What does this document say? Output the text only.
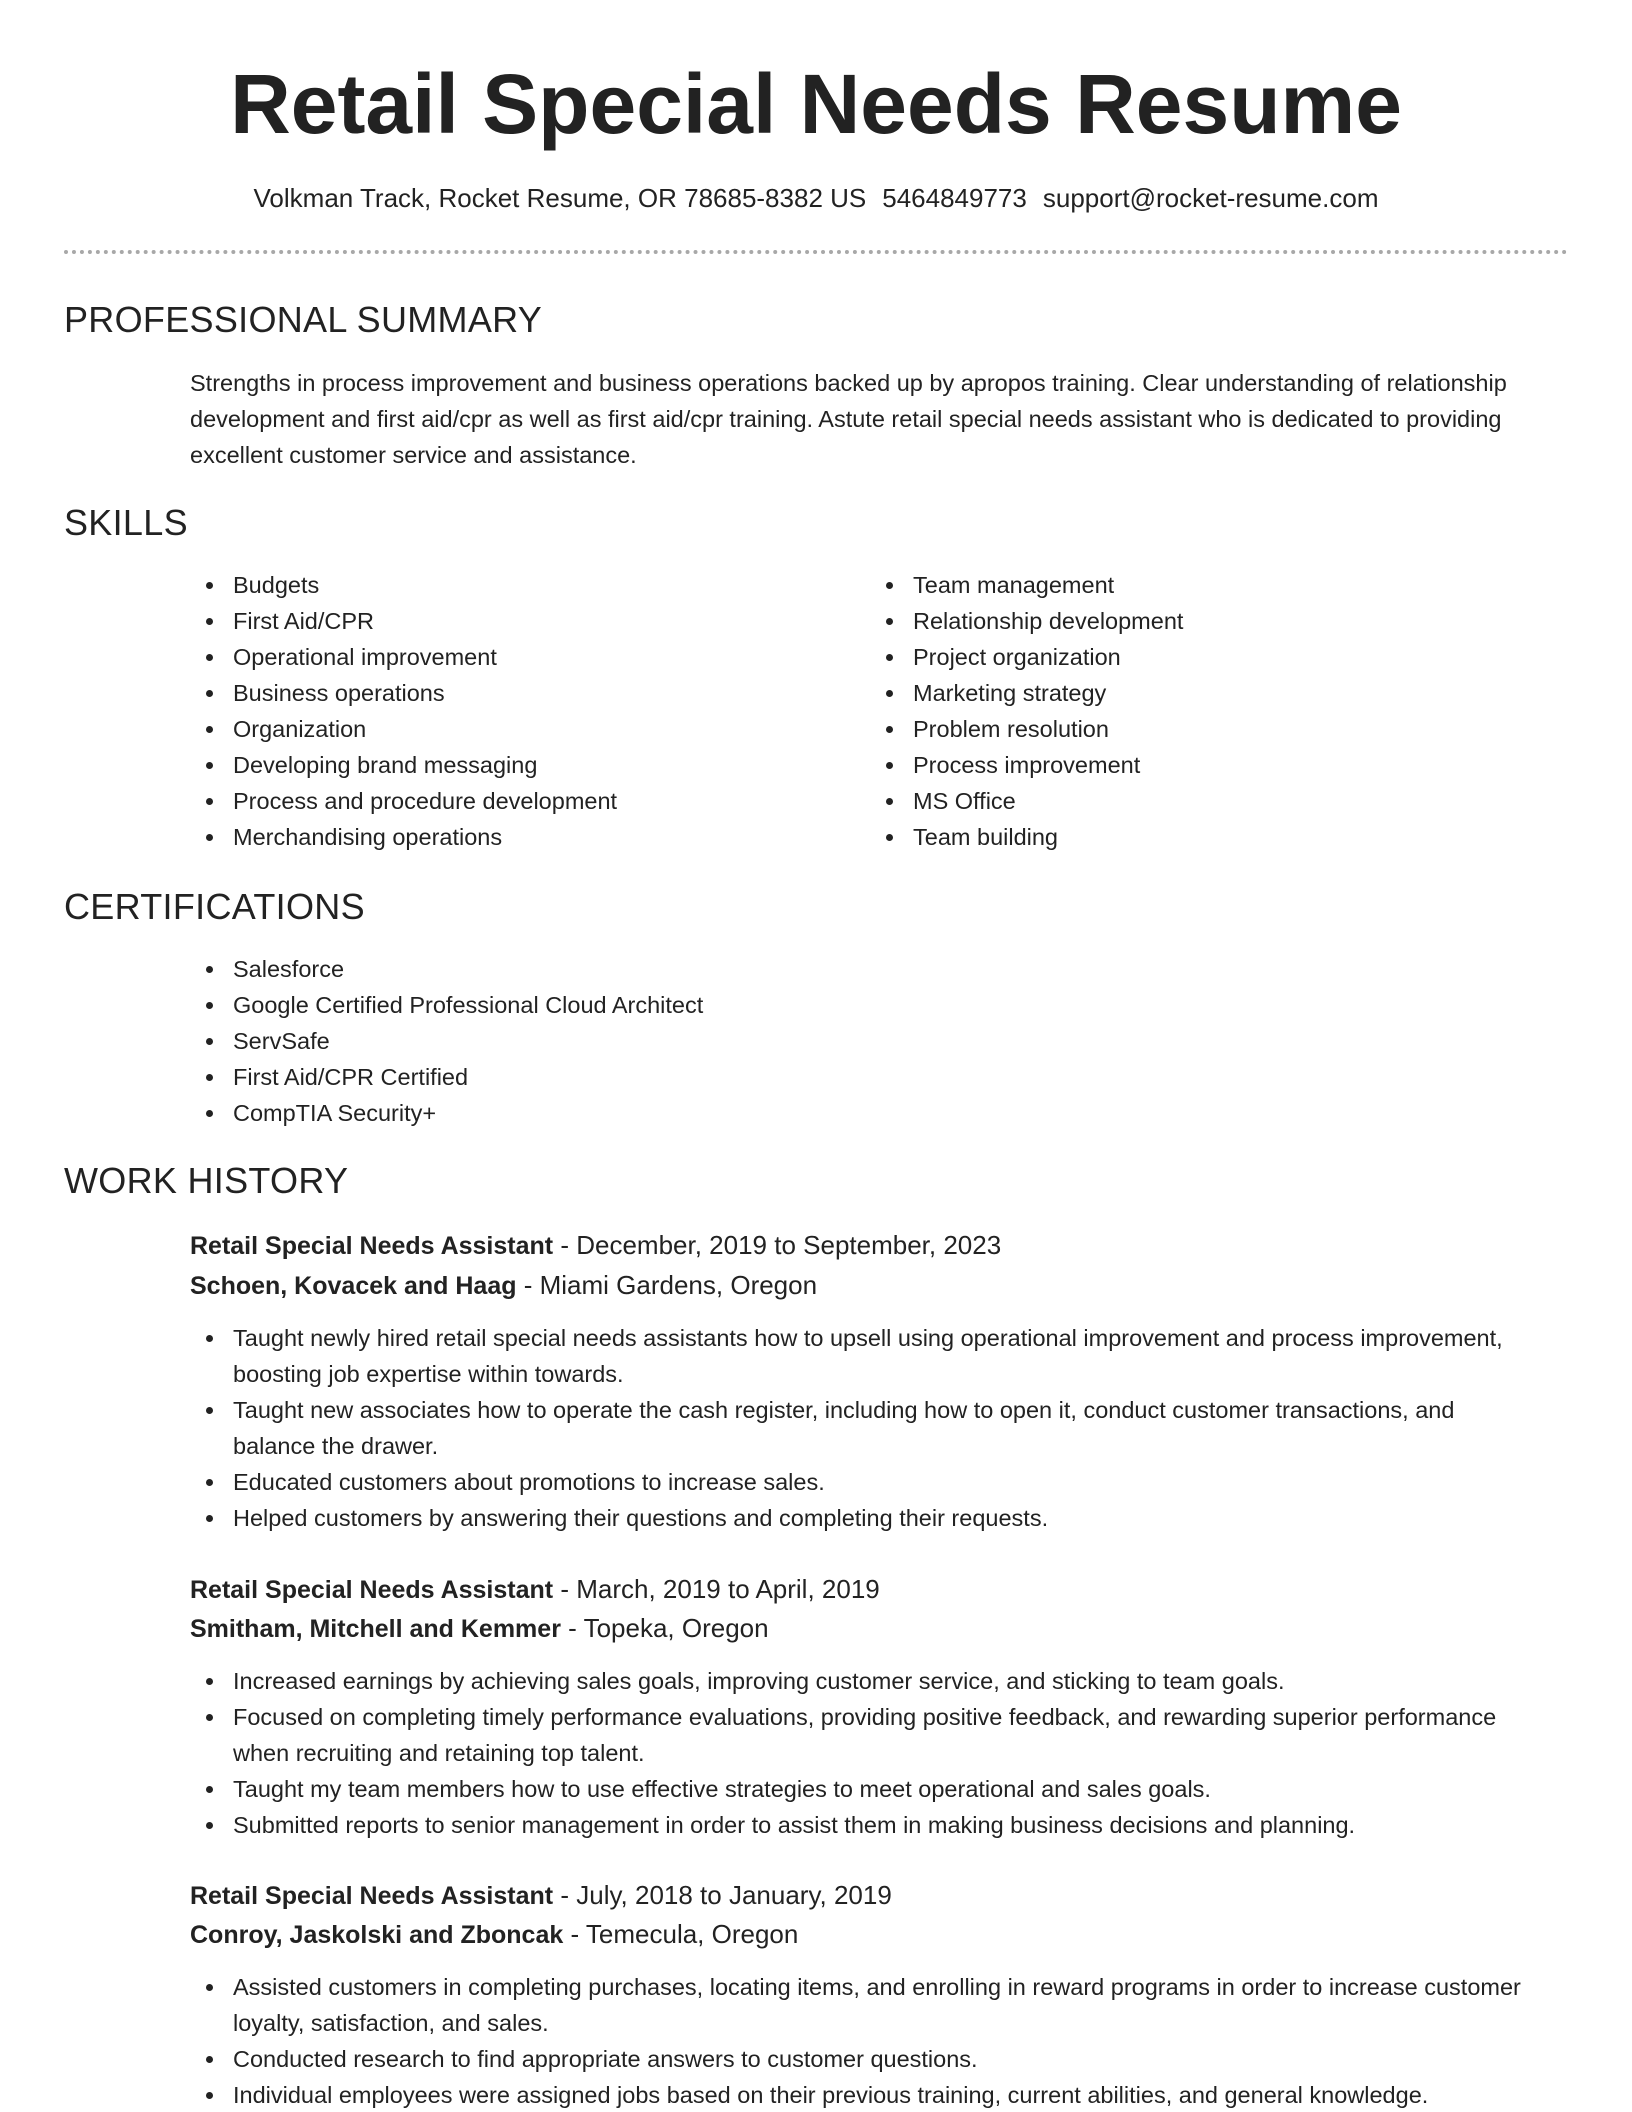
Retail Special Needs Resume
Volkman Track, Rocket Resume, OR 78685-8382 US 5464849773 support@rocket-resume.com
PROFESSIONAL SUMMARY
Strengths in process improvement and business operations backed up by apropos training. Clear understanding of relationship development and first aid/cpr as well as first aid/cpr training. Astute retail special needs assistant who is dedicated to providing excellent customer service and assistance.
SKILLS
Budgets
First Aid/CPR
Operational improvement
Business operations
Organization
Developing brand messaging
Process and procedure development
Merchandising operations
Team management
Relationship development
Project organization
Marketing strategy
Problem resolution
Process improvement
MS Office
Team building
CERTIFICATIONS
Salesforce
Google Certified Professional Cloud Architect
ServSafe
First Aid/CPR Certified
CompTIA Security+
WORK HISTORY
Retail Special Needs Assistant - December, 2019 to September, 2023
Schoen, Kovacek and Haag - Miami Gardens, Oregon
Taught newly hired retail special needs assistants how to upsell using operational improvement and process improvement, boosting job expertise within towards.
Taught new associates how to operate the cash register, including how to open it, conduct customer transactions, and balance the drawer.
Educated customers about promotions to increase sales.
Helped customers by answering their questions and completing their requests.
Retail Special Needs Assistant - March, 2019 to April, 2019
Smitham, Mitchell and Kemmer - Topeka, Oregon
Increased earnings by achieving sales goals, improving customer service, and sticking to team goals.
Focused on completing timely performance evaluations, providing positive feedback, and rewarding superior performance when recruiting and retaining top talent.
Taught my team members how to use effective strategies to meet operational and sales goals.
Submitted reports to senior management in order to assist them in making business decisions and planning.
Retail Special Needs Assistant - July, 2018 to January, 2019
Conroy, Jaskolski and Zboncak - Temecula, Oregon
Assisted customers in completing purchases, locating items, and enrolling in reward programs in order to increase customer loyalty, satisfaction, and sales.
Conducted research to find appropriate answers to customer questions.
Individual employees were assigned jobs based on their previous training, current abilities, and general knowledge.
